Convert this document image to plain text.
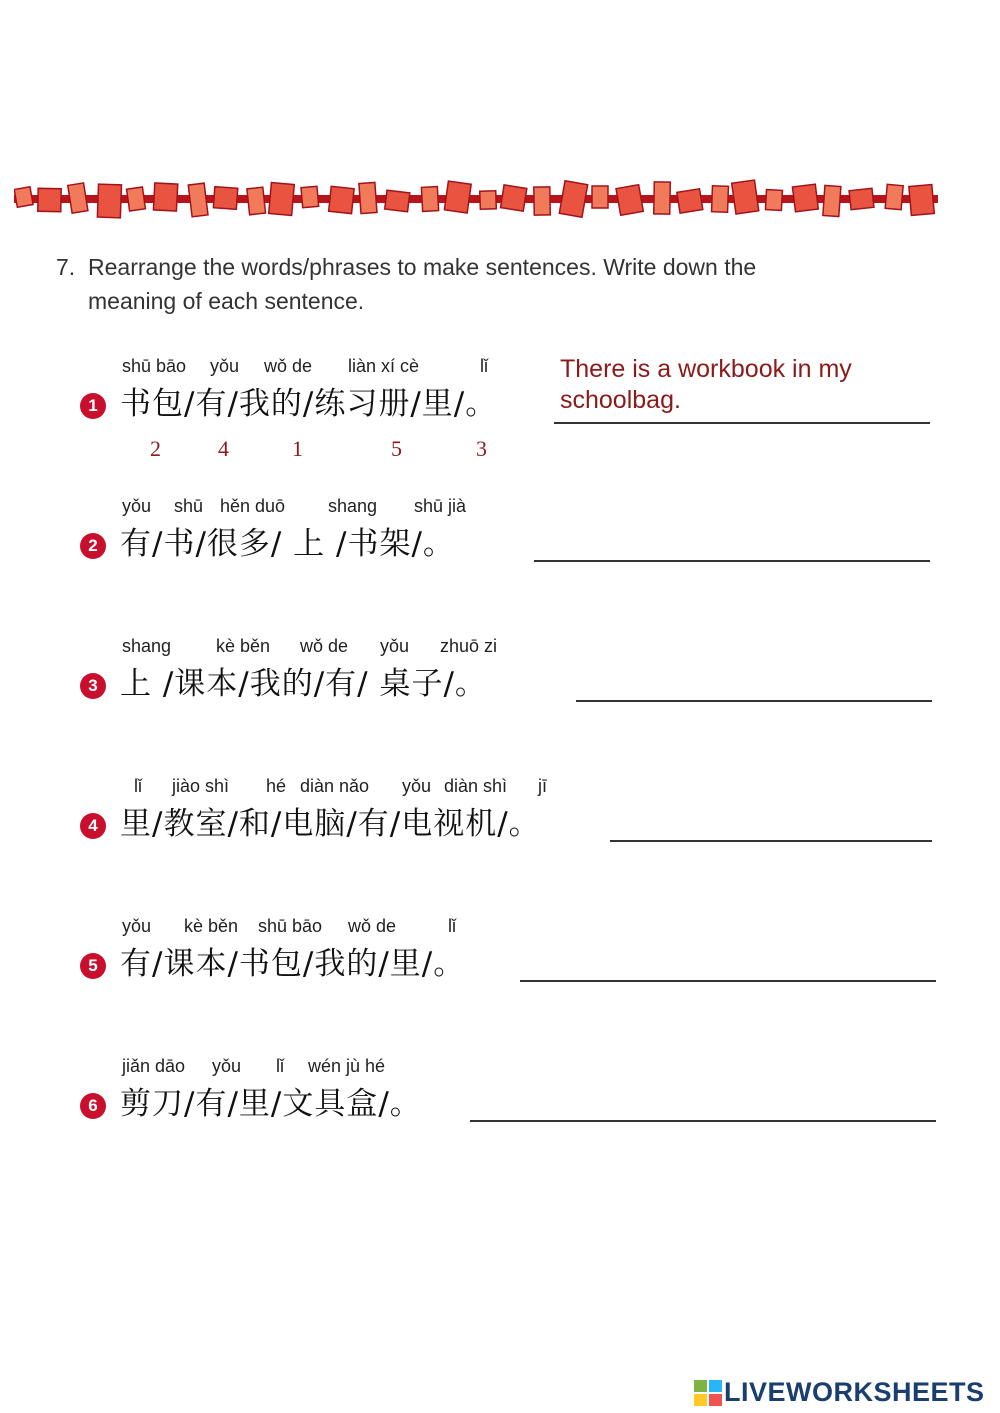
7. Rearrange the words/phrases to make sentences. Write down the
meaning of each sentence.
shū bāo yǒu wǒ de liàn xí cè	lǐ
1 书包/有/我的/练习册/里/。
There is a workbook in my
schoolbag.
2	4	1	5	3
yǒu shū hěn duō shang shū jià
2 有/书/很多/ 上 /书架/。
shang kè běn wǒ de yǒu zhuō zi
3 上 /课本/我的/有/ 桌子/。
lǐ jiào shì hé diàn nǎo yǒu diàn shì jī
4 里/教室/和/电脑/有/电视机/。
yǒu kè běn shū bāo wǒ de	lǐ
5 有/课本/书包/我的/里/。
jiǎn dāo yǒu lǐ wén jù hé
6 剪刀/有/里/文具盒/。
LIVEWORKSHEETS
